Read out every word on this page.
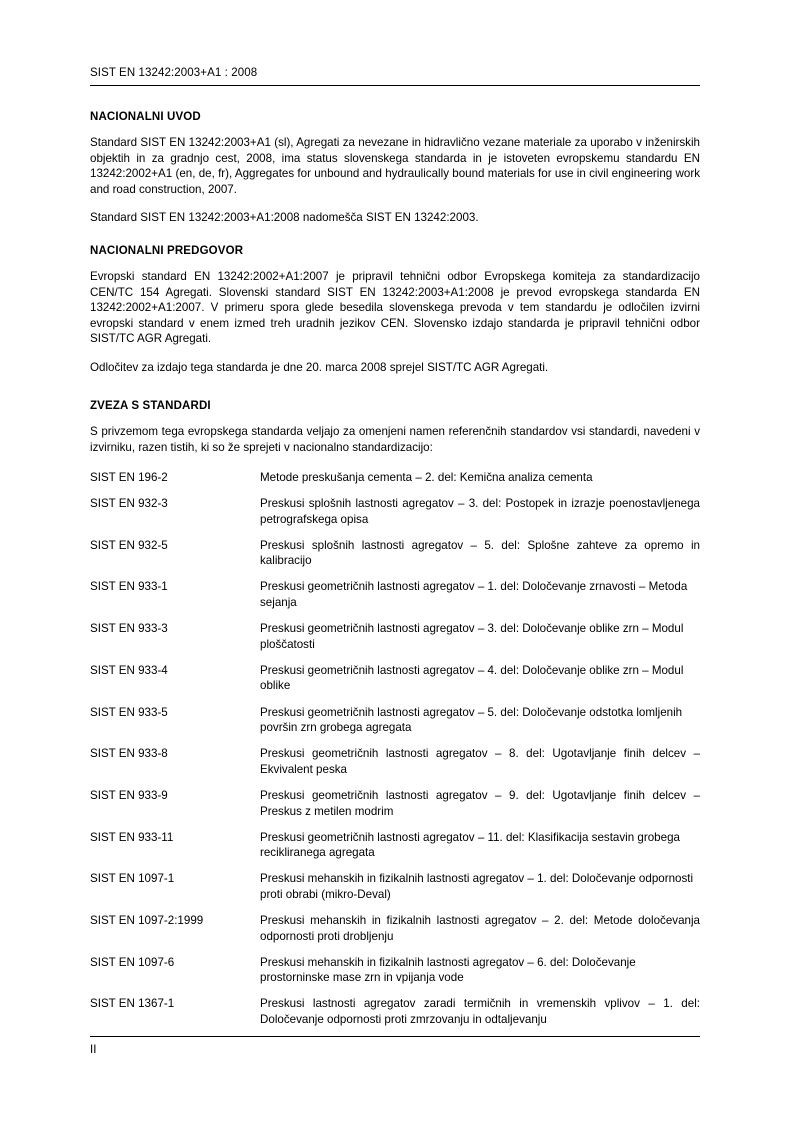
SIST EN 13242:2003+A1 : 2008
NACIONALNI UVOD

Standard SIST EN 13242:2003+A1 (sl), Agregati za nevezane in hidravlično vezane materiale za uporabo v inženirskih objektih in za gradnjo cest, 2008, ima status slovenskega standarda in je istoveten evropskemu standardu EN 13242:2002+A1 (en, de, fr), Aggregates for unbound and hydraulically bound materials for use in civil engineering work and road construction, 2007.

Standard SIST EN 13242:2003+A1:2008 nadomešča SIST EN 13242:2003.

NACIONALNI PREDGOVOR

Evropski standard EN 13242:2002+A1:2007 je pripravil tehnični odbor Evropskega komiteja za standardizacijo CEN/TC 154 Agregati. Slovenski standard SIST EN 13242:2003+A1:2008 je prevod evropskega standarda EN 13242:2002+A1:2007. V primeru spora glede besedila slovenskega prevoda v tem standardu je odločilen izvirni evropski standard v enem izmed treh uradnih jezikov CEN. Slovensko izdajo standarda je pripravil tehnični odbor SIST/TC AGR Agregati.

Odločitev za izdajo tega standarda je dne 20. marca 2008 sprejel SIST/TC AGR Agregati.

ZVEZA S STANDARDI

S privzemom tega evropskega standarda veljajo za omenjeni namen referenčnih standardov vsi standardi, navedeni v izvirniku, razen tistih, ki so že sprejeti v nacionalno standardizacijo:

SIST EN 196-2	Metode preskušanja cementa – 2. del: Kemična analiza cementa
SIST EN 932-3	Preskusi splošnih lastnosti agregatov – 3. del: Postopek in izrazje poenostavljenega petrografskega opisa
SIST EN 932-5	Preskusi splošnih lastnosti agregatov – 5. del: Splošne zahteve za opremo in kalibracijo
SIST EN 933-1	Preskusi geometričnih lastnosti agregatov – 1. del: Določevanje zrnavosti – Metoda sejanja
SIST EN 933-3	Preskusi geometričnih lastnosti agregatov – 3. del: Določevanje oblike zrn – Modul ploščatosti
SIST EN 933-4	Preskusi geometričnih lastnosti agregatov – 4. del: Določevanje oblike zrn – Modul oblike
SIST EN 933-5	Preskusi geometričnih lastnosti agregatov – 5. del: Določevanje odstotka lomljenih površin zrn grobega agregata
SIST EN 933-8	Preskusi geometričnih lastnosti agregatov – 8. del: Ugotavljanje finih delcev – Ekvivalent peska
SIST EN 933-9	Preskusi geometričnih lastnosti agregatov – 9. del: Ugotavljanje finih delcev – Preskus z metilen modrim
SIST EN 933-11	Preskusi geometričnih lastnosti agregatov – 11. del: Klasifikacija sestavin grobega recikliranega agregata
SIST EN 1097-1	Preskusi mehanskih in fizikalnih lastnosti agregatov – 1. del: Določevanje odpornosti proti obrabi (mikro-Deval)
SIST EN 1097-2:1999	Preskusi mehanskih in fizikalnih lastnosti agregatov – 2. del: Metode določevanja odpornosti proti drobljenju
SIST EN 1097-6	Preskusi mehanskih in fizikalnih lastnosti agregatov – 6. del: Določevanje prostorninske mase zrn in vpijanja vode
SIST EN 1367-1	Preskusi lastnosti agregatov zaradi termičnih in vremenskih vplivov – 1. del: Določevanje odpornosti proti zmrzovanju in odtaljevanju
II
